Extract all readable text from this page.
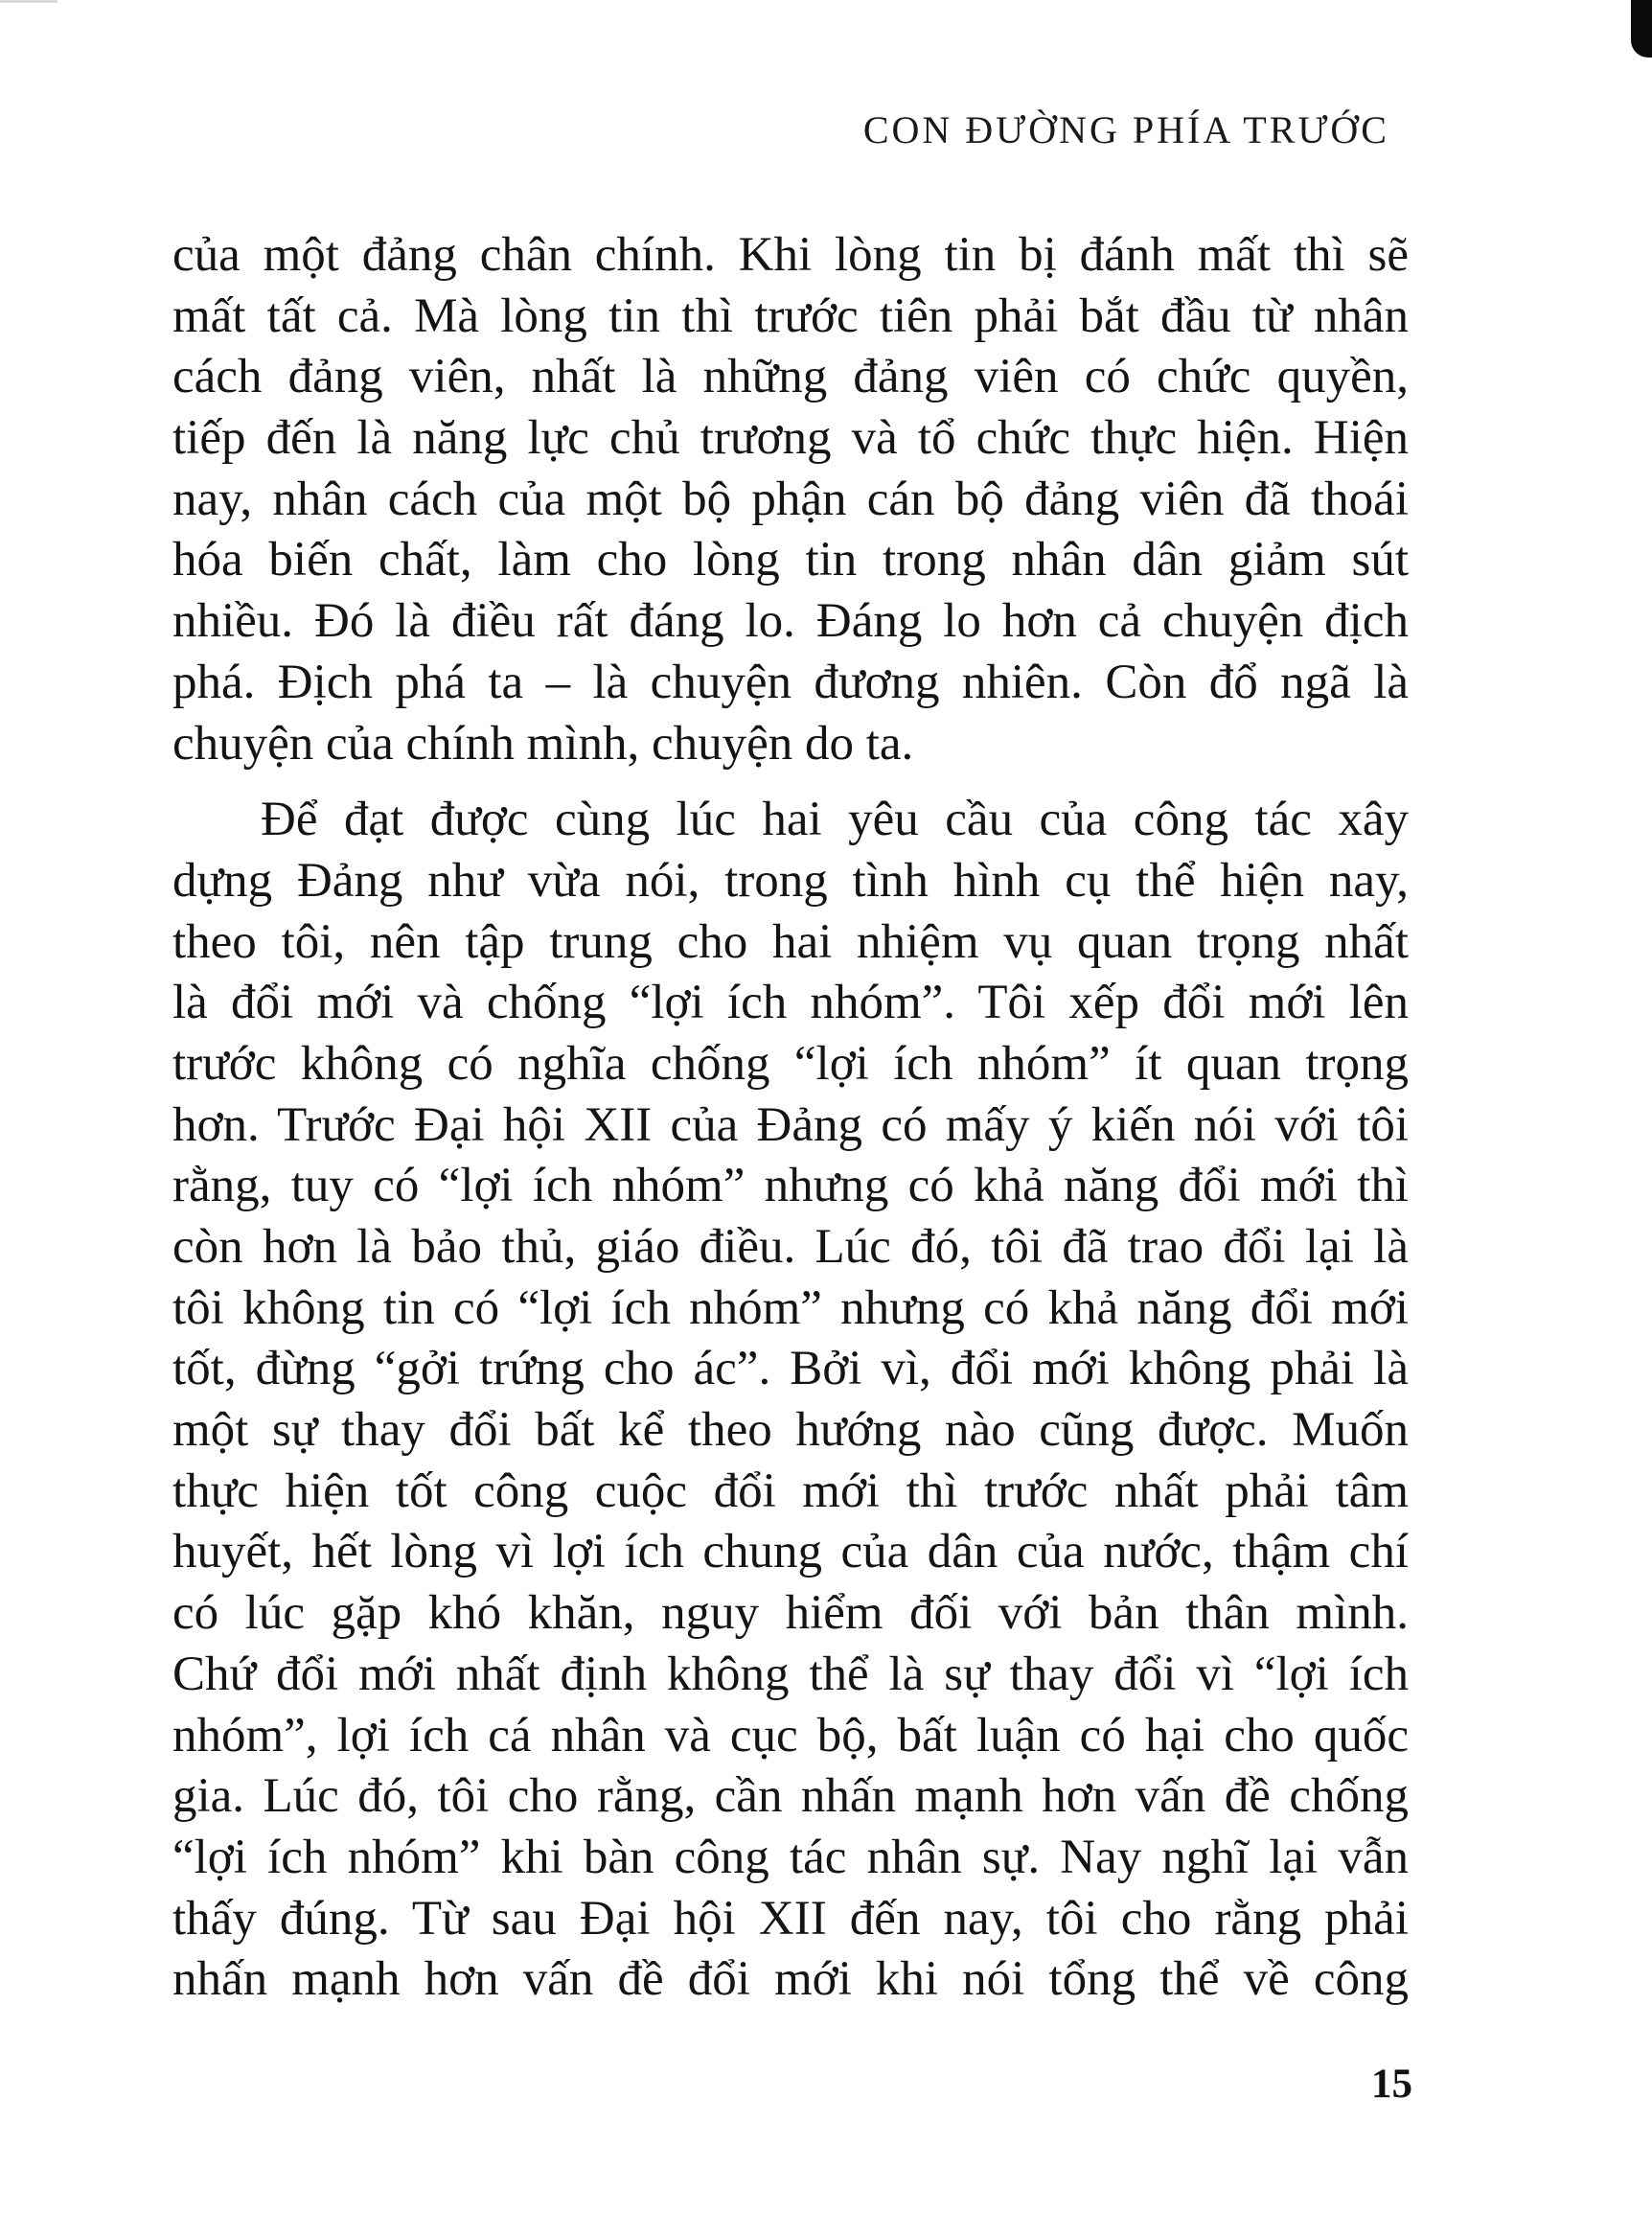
CON ĐƯỜNG PHÍA TRƯỚC
của một đảng chân chính. Khi lòng tin bị đánh mất thì sẽ
mất tất cả. Mà lòng tin thì trước tiên phải bắt đầu từ nhân
cách đảng viên, nhất là những đảng viên có chức quyền,
tiếp đến là năng lực chủ trương và tổ chức thực hiện. Hiện
nay, nhân cách của một bộ phận cán bộ đảng viên đã thoái
hóa biến chất, làm cho lòng tin trong nhân dân giảm sút
nhiều. Đó là điều rất đáng lo. Đáng lo hơn cả chuyện địch
phá. Địch phá ta – là chuyện đương nhiên. Còn đổ ngã là
chuyện của chính mình, chuyện do ta.
Để đạt được cùng lúc hai yêu cầu của công tác xây
dựng Đảng như vừa nói, trong tình hình cụ thể hiện nay,
theo tôi, nên tập trung cho hai nhiệm vụ quan trọng nhất
là đổi mới và chống “lợi ích nhóm”. Tôi xếp đổi mới lên
trước không có nghĩa chống “lợi ích nhóm” ít quan trọng
hơn. Trước Đại hội XII của Đảng có mấy ý kiến nói với tôi
rằng, tuy có “lợi ích nhóm” nhưng có khả năng đổi mới thì
còn hơn là bảo thủ, giáo điều. Lúc đó, tôi đã trao đổi lại là
tôi không tin có “lợi ích nhóm” nhưng có khả năng đổi mới
tốt, đừng “gởi trứng cho ác”. Bởi vì, đổi mới không phải là
một sự thay đổi bất kể theo hướng nào cũng được. Muốn
thực hiện tốt công cuộc đổi mới thì trước nhất phải tâm
huyết, hết lòng vì lợi ích chung của dân của nước, thậm chí
có lúc gặp khó khăn, nguy hiểm đối với bản thân mình.
Chứ đổi mới nhất định không thể là sự thay đổi vì “lợi ích
nhóm”, lợi ích cá nhân và cục bộ, bất luận có hại cho quốc
gia. Lúc đó, tôi cho rằng, cần nhấn mạnh hơn vấn đề chống
“lợi ích nhóm” khi bàn công tác nhân sự. Nay nghĩ lại vẫn
thấy đúng. Từ sau Đại hội XII đến nay, tôi cho rằng phải
nhấn mạnh hơn vấn đề đổi mới khi nói tổng thể về công
15
